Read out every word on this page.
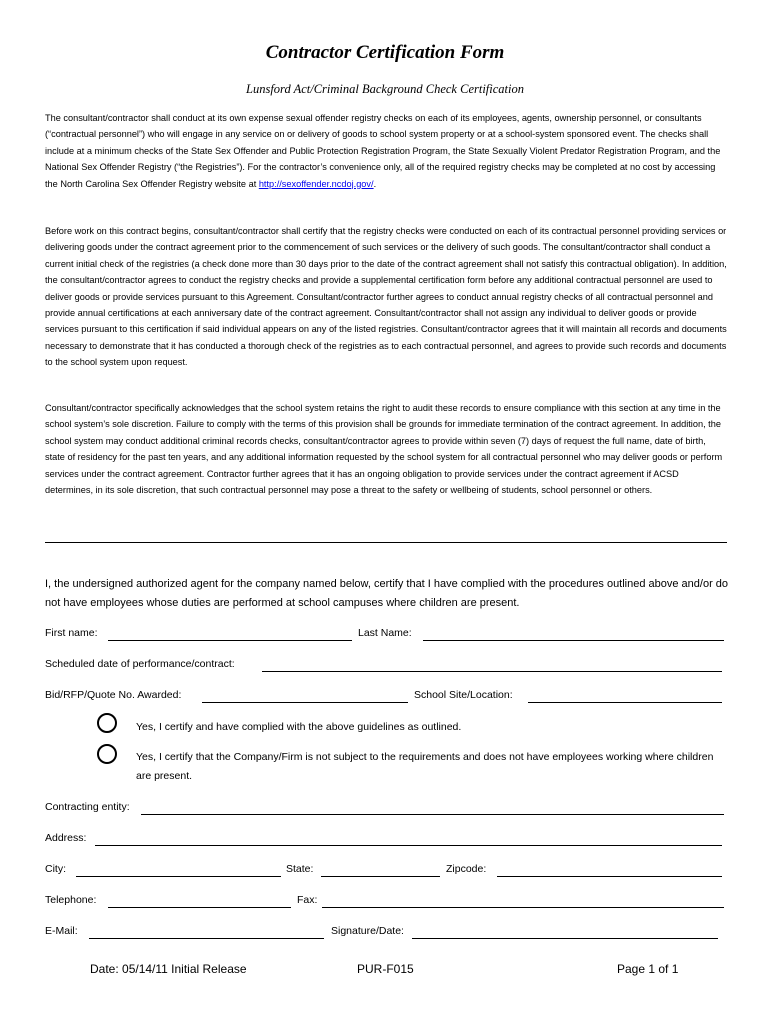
Contractor Certification Form
Lunsford Act/Criminal Background Check Certification

The consultant/contractor shall conduct at its own expense sexual offender registry checks on each of its employees, agents, ownership personnel, or consultants (“contractual personnel”) who will engage in any service on or delivery of goods to school system property or at a school-system sponsored event. The checks shall include at a minimum checks of the State Sex Offender and Public Protection Registration Program, the State Sexually Violent Predator Registration Program, and the National Sex Offender Registry (“the Registries”). For the contractor’s convenience only, all of the required registry checks may be completed at no cost by accessing the North Carolina Sex Offender Registry website at http://sexoffender.ncdoj.gov/.

Before work on this contract begins, consultant/contractor shall certify that the registry checks were conducted on each of its contractual personnel providing services or delivering goods under the contract agreement prior to the commencement of such services or the delivery of such goods. The consultant/contractor shall conduct a current initial check of the registries (a check done more than 30 days prior to the date of the contract agreement shall not satisfy this contractual obligation). In addition, the consultant/contractor agrees to conduct the registry checks and provide a supplemental certification form before any additional contractual personnel are used to deliver goods or provide services pursuant to this Agreement. Consultant/contractor further agrees to conduct annual registry checks of all contractual personnel and provide annual certifications at each anniversary date of the contract agreement. Consultant/contractor shall not assign any individual to deliver goods or provide services pursuant to this certification if said individual appears on any of the listed registries. Consultant/contractor agrees that it will maintain all records and documents necessary to demonstrate that it has conducted a thorough check of the registries as to each contractual personnel, and agrees to provide such records and documents to the school system upon request.

Consultant/contractor specifically acknowledges that the school system retains the right to audit these records to ensure compliance with this section at any time in the school system’s sole discretion. Failure to comply with the terms of this provision shall be grounds for immediate termination of the contract agreement. In addition, the school system may conduct additional criminal records checks, consultant/contractor agrees to provide within seven (7) days of request the full name, date of birth, state of residency for the past ten years, and any additional information requested by the school system for all contractual personnel who may deliver goods or perform services under the contract agreement. Contractor further agrees that it has an ongoing obligation to provide services under the contract agreement if ACSD determines, in its sole discretion, that such contractual personnel may pose a threat to the safety or wellbeing of students, school personnel or others.

I, the undersigned authorized agent for the company named below, certify that I have complied with the procedures outlined above and/or do not have employees whose duties are performed at school campuses where children are present.

First name:	Last Name:
Scheduled date of performance/contract:
Bid/RFP/Quote No. Awarded:	School Site/Location:
Yes, I certify and have complied with the above guidelines as outlined.
Yes, I certify that the Company/Firm is not subject to the requirements and does not have employees working where children are present.
Contracting entity:
Address:
City:	State:	Zipcode:
Telephone:	Fax:
E-Mail:	Signature/Date:
Date: 05/14/11 Initial Release	PUR-F015	Page 1 of 1
